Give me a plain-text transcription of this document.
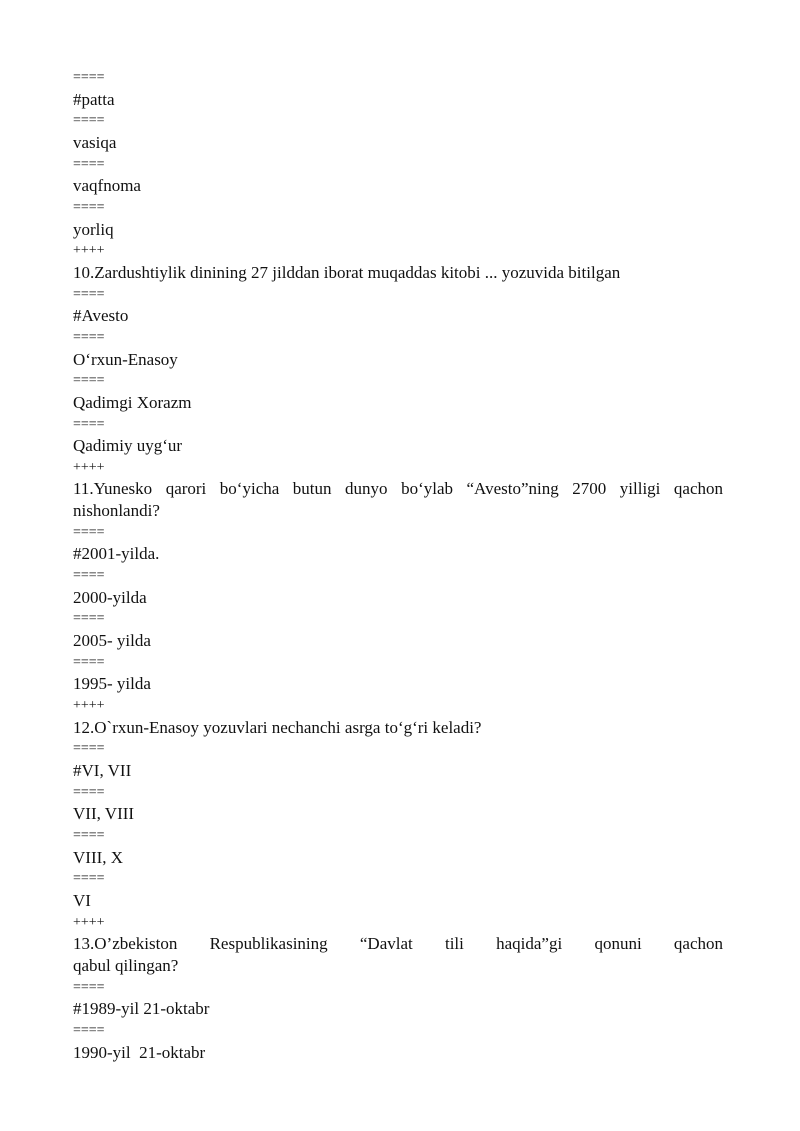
====
#patta
====
vasiqa
====
vaqfnoma
====
yorliq
++++
10.Zardushtiylik dinining 27 jilddan iborat muqaddas kitobi ... yozuvida bitilgan
====
#Avesto
====
O‘rxun-Enasoy
====
Qadimgi Xorazm
====
Qadimiy uyg‘ur
++++
11.Yunesko qarori bo‘yicha butun dunyo bo‘ylab “Avesto”ning 2700 yilligi qachon
nishonlandi?
====
#2001-yilda.
====
2000-yilda
====
2005- yilda
====
1995- yilda
++++
12.O`rxun-Enasoy yozuvlari nechanchi asrga to‘g‘ri keladi?
====
#VI, VII
====
VII, VIII
====
VIII, X
====
VI
++++
13.O’zbekiston Respublikasining “Davlat tili haqida”gi qonuni qachon
qabul qilingan?
====
#1989-yil 21-oktabr
====
1990-yil  21-oktabr
